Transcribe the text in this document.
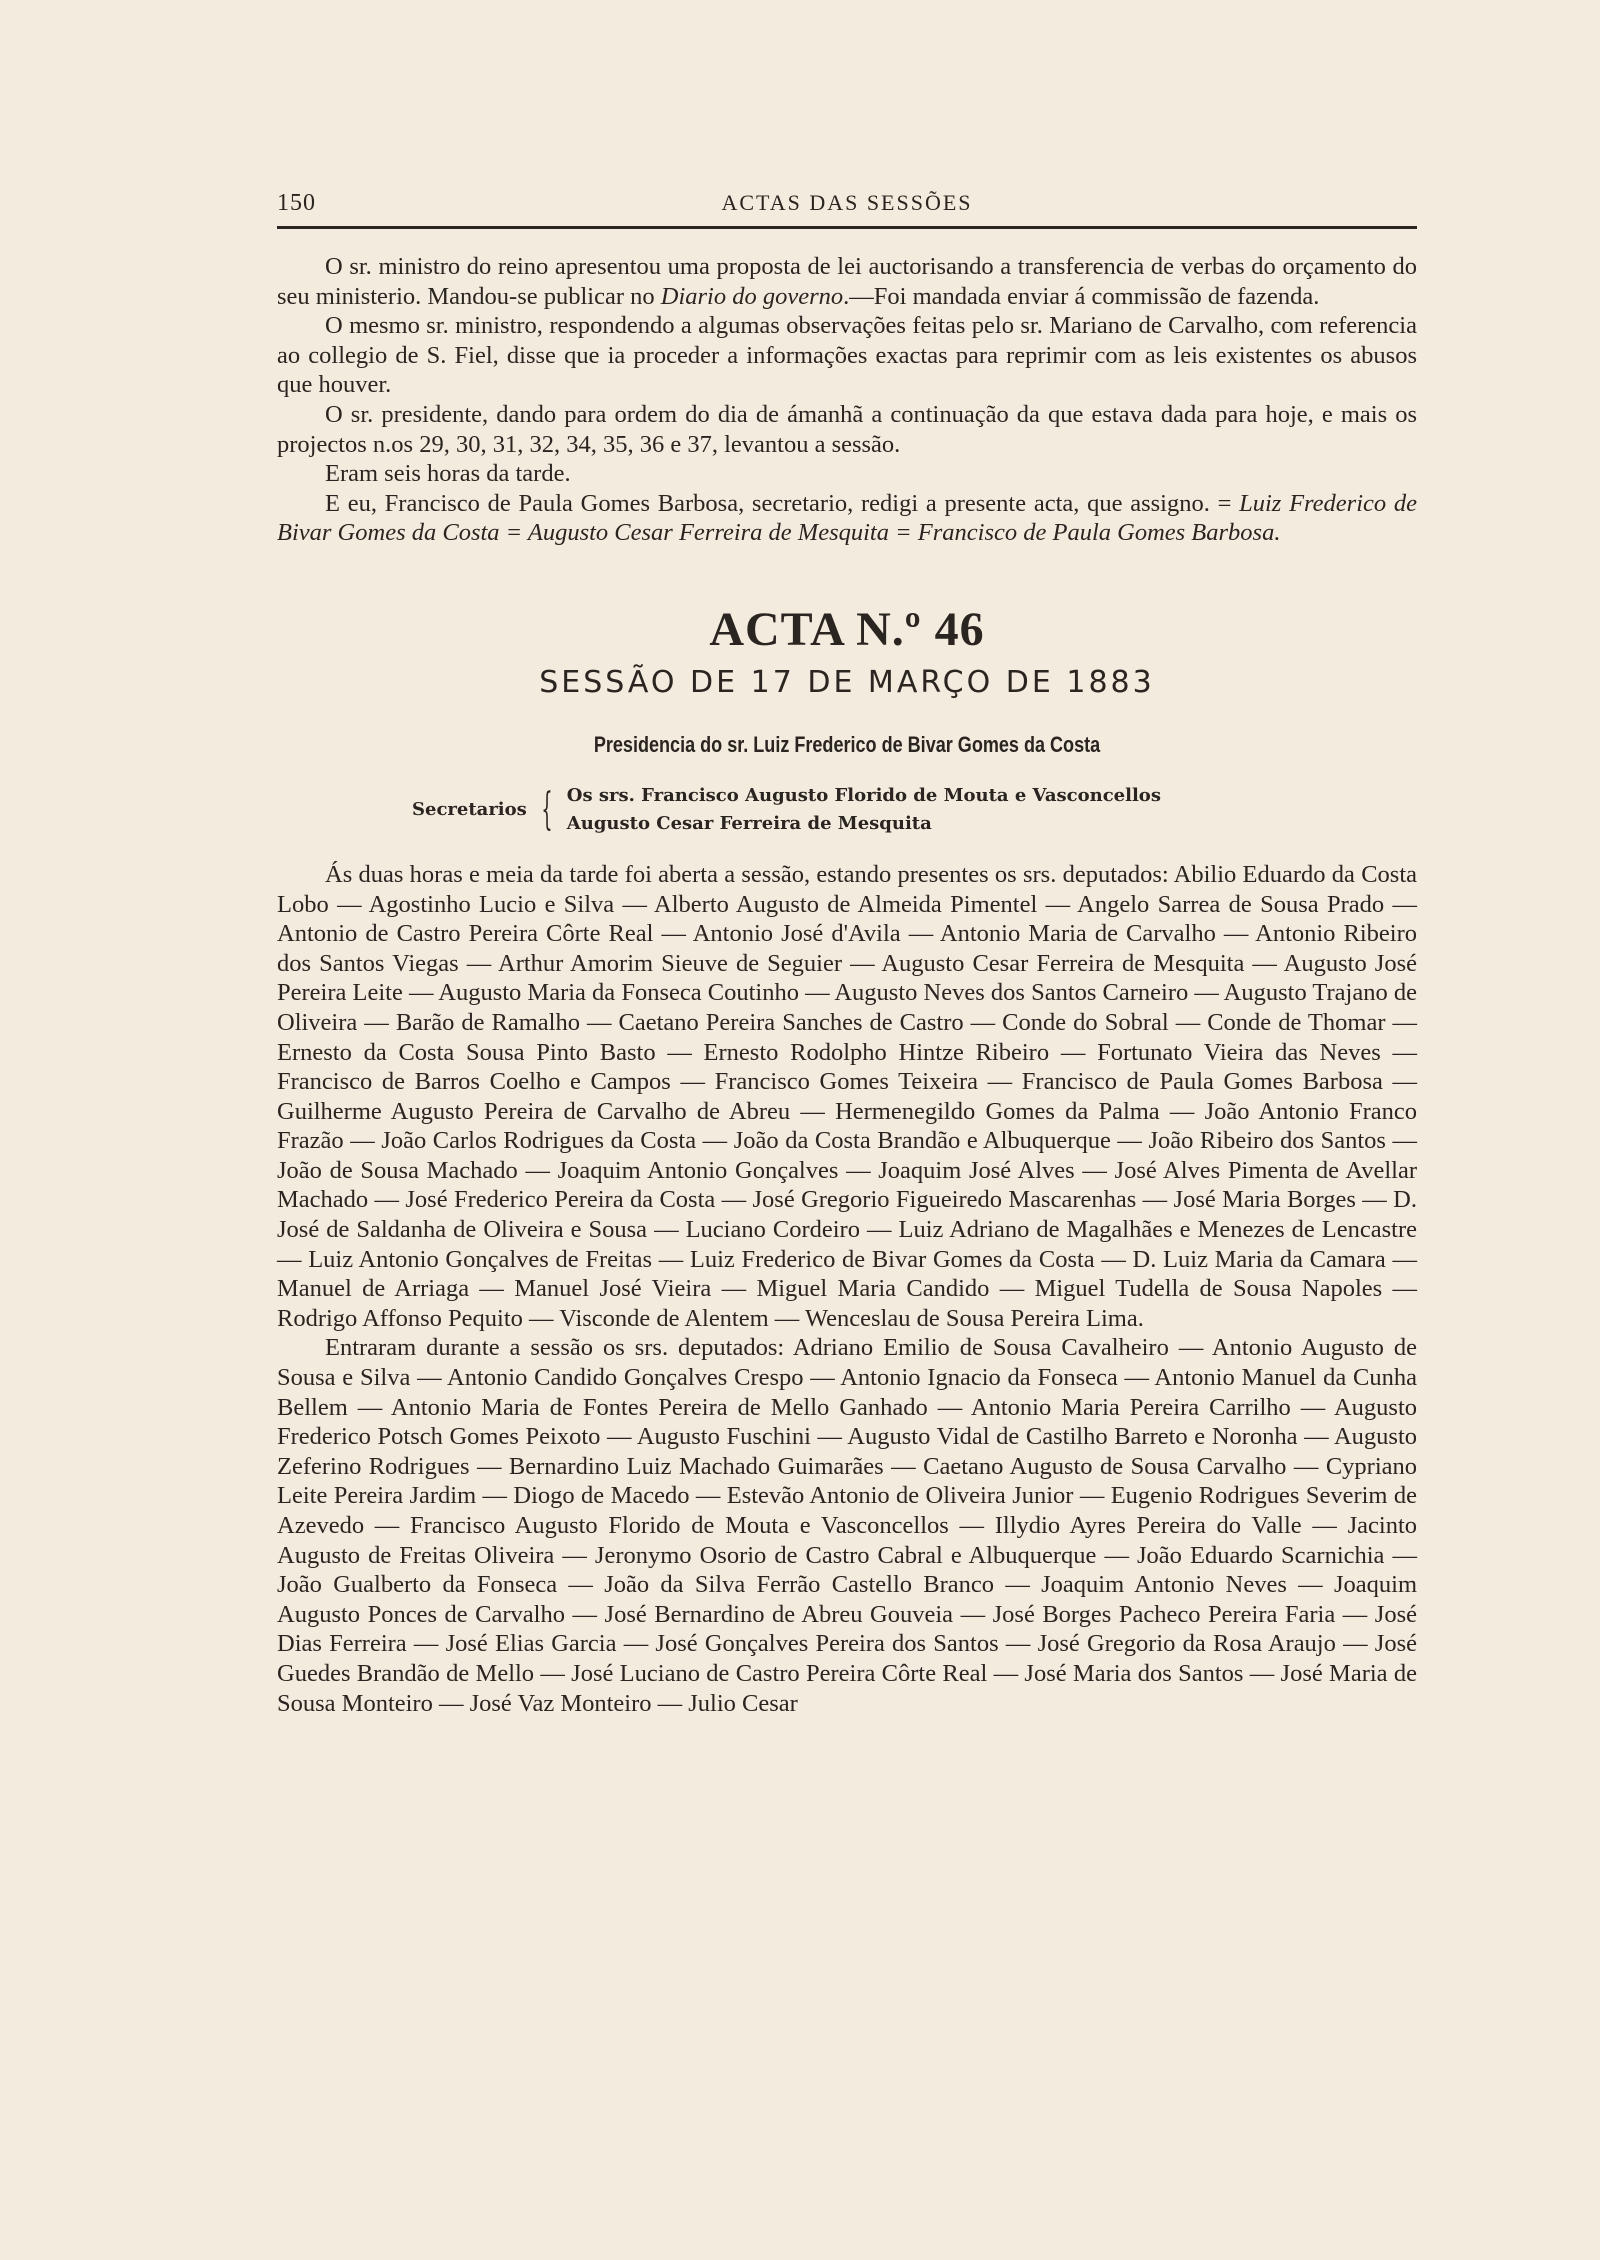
150	ACTAS DAS SESSÕES

O sr. ministro do reino apresentou uma proposta de lei auctorisando a transferencia de verbas do orçamento do seu ministerio. Mandou-se publicar no Diario do governo.—Foi mandada enviar á commissão de fazenda.

O mesmo sr. ministro, respondendo a algumas observações feitas pelo sr. Mariano de Carvalho, com referencia ao collegio de S. Fiel, disse que ia proceder a informações exactas para reprimir com as leis existentes os abusos que houver.

O sr. presidente, dando para ordem do dia de ámanhã a continuação da que estava dada para hoje, e mais os projectos n.os 29, 30, 31, 32, 34, 35, 36 e 37, levantou a sessão.

Eram seis horas da tarde.

E eu, Francisco de Paula Gomes Barbosa, secretario, redigi a presente acta, que assigno. = Luiz Frederico de Bivar Gomes da Costa = Augusto Cesar Ferreira de Mesquita = Francisco de Paula Gomes Barbosa.

ACTA N.º 46
SESSÃO DE 17 DE MARÇO DE 1883
Presidencia do sr. Luiz Frederico de Bivar Gomes da Costa
Secretarios { Os srs. Francisco Augusto Florido de Mouta e Vasconcellos
Augusto Cesar Ferreira de Mesquita

Ás duas horas e meia da tarde foi aberta a sessão, estando presentes os srs. deputados: Abilio Eduardo da Costa Lobo — Agostinho Lucio e Silva — Alberto Augusto de Almeida Pimentel — Angelo Sarrea de Sousa Prado — Antonio de Castro Pereira Côrte Real — Antonio José d'Avila — Antonio Maria de Carvalho — Antonio Ribeiro dos Santos Viegas — Arthur Amorim Sieuve de Seguier — Augusto Cesar Ferreira de Mesquita — Augusto José Pereira Leite — Augusto Maria da Fonseca Coutinho — Augusto Neves dos Santos Carneiro — Augusto Trajano de Oliveira — Barão de Ramalho — Caetano Pereira Sanches de Castro — Conde do Sobral — Conde de Thomar — Ernesto da Costa Sousa Pinto Basto — Ernesto Rodolpho Hintze Ribeiro — Fortunato Vieira das Neves — Francisco de Barros Coelho e Campos — Francisco Gomes Teixeira — Francisco de Paula Gomes Barbosa — Guilherme Augusto Pereira de Carvalho de Abreu — Hermenegildo Gomes da Palma — João Antonio Franco Frazão — João Carlos Rodrigues da Costa — João da Costa Brandão e Albuquerque — João Ribeiro dos Santos — João de Sousa Machado — Joaquim Antonio Gonçalves — Joaquim José Alves — José Alves Pimenta de Avellar Machado — José Frederico Pereira da Costa — José Gregorio Figueiredo Mascarenhas — José Maria Borges — D. José de Saldanha de Oliveira e Sousa — Luciano Cordeiro — Luiz Adriano de Magalhães e Menezes de Lencastre — Luiz Antonio Gonçalves de Freitas — Luiz Frederico de Bivar Gomes da Costa — D. Luiz Maria da Camara — Manuel de Arriaga — Manuel José Vieira — Miguel Maria Candido — Miguel Tudella de Sousa Napoles — Rodrigo Affonso Pequito — Visconde de Alentem — Wenceslau de Sousa Pereira Lima.

Entraram durante a sessão os srs. deputados: Adriano Emilio de Sousa Cavalheiro — Antonio Augusto de Sousa e Silva — Antonio Candido Gonçalves Crespo — Antonio Ignacio da Fonseca — Antonio Manuel da Cunha Bellem — Antonio Maria de Fontes Pereira de Mello Ganhado — Antonio Maria Pereira Carrilho — Augusto Frederico Potsch Gomes Peixoto — Augusto Fuschini — Augusto Vidal de Castilho Barreto e Noronha — Augusto Zeferino Rodrigues — Bernardino Luiz Machado Guimarães — Caetano Augusto de Sousa Carvalho — Cypriano Leite Pereira Jardim — Diogo de Macedo — Estevão Antonio de Oliveira Junior — Eugenio Rodrigues Severim de Azevedo — Francisco Augusto Florido de Mouta e Vasconcellos — Illydio Ayres Pereira do Valle — Jacinto Augusto de Freitas Oliveira — Jeronymo Osorio de Castro Cabral e Albuquerque — João Eduardo Scarnichia — João Gualberto da Fonseca — João da Silva Ferrão Castello Branco — Joaquim Antonio Neves — Joaquim Augusto Ponces de Carvalho — José Bernardino de Abreu Gouveia — José Borges Pacheco Pereira Faria — José Dias Ferreira — José Elias Garcia — José Gonçalves Pereira dos Santos — José Gregorio da Rosa Araujo — José Guedes Brandão de Mello — José Luciano de Castro Pereira Côrte Real — José Maria dos Santos — José Maria de Sousa Monteiro — José Vaz Monteiro — Julio Cesar
